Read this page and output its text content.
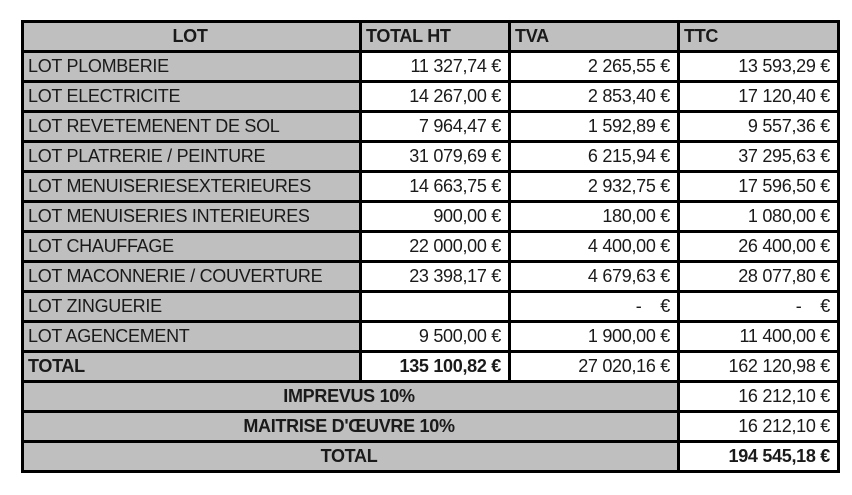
LOT	TOTAL HT	TVA	TTC
LOT PLOMBERIE	11 327,74 €	2 265,55 €	13 593,29 €
LOT ELECTRICITE	14 267,00 €	2 853,40 €	17 120,40 €
LOT REVETEMENENT DE SOL	7 964,47 €	1 592,89 €	9 557,36 €
LOT PLATRERIE / PEINTURE	31 079,69 €	6 215,94 €	37 295,63 €
LOT MENUISERIESEXTERIEURES	14 663,75 €	2 932,75 €	17 596,50 €
LOT MENUISERIES INTERIEURES	900,00 €	180,00 €	1 080,00 €
LOT CHAUFFAGE	22 000,00 €	4 400,00 €	26 400,00 €
LOT MACONNERIE / COUVERTURE	23 398,17 €	4 679,63 €	28 077,80 €
LOT ZINGUERIE		-    €	-    €
LOT AGENCEMENT	9 500,00 €	1 900,00 €	11 400,00 €
TOTAL	135 100,82 €	27 020,16 €	162 120,98 €
IMPREVUS 10%			16 212,10 €
MAITRISE D'ŒUVRE 10%			16 212,10 €
TOTAL			194 545,18 €
